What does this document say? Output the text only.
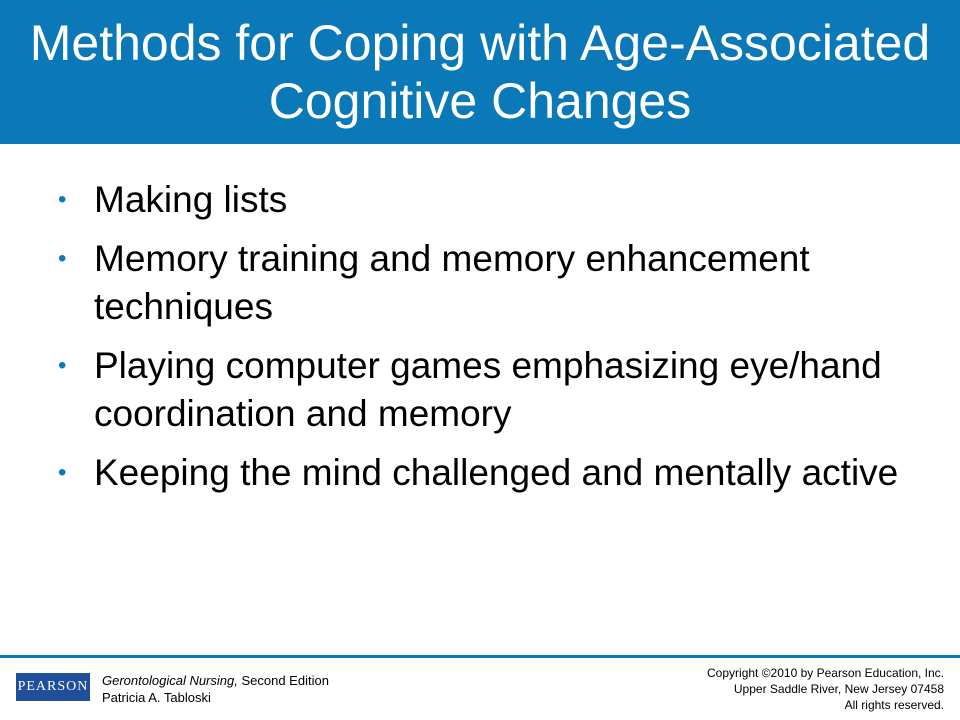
Methods for Coping with Age-Associated Cognitive Changes
• Making lists
• Memory training and memory enhancement techniques
• Playing computer games emphasizing eye/hand coordination and memory
• Keeping the mind challenged and mentally active
PEARSON Gerontological Nursing, Second Edition
Patricia A. Tabloski
Copyright ©2010 by Pearson Education, Inc.
Upper Saddle River, New Jersey 07458
All rights reserved.
